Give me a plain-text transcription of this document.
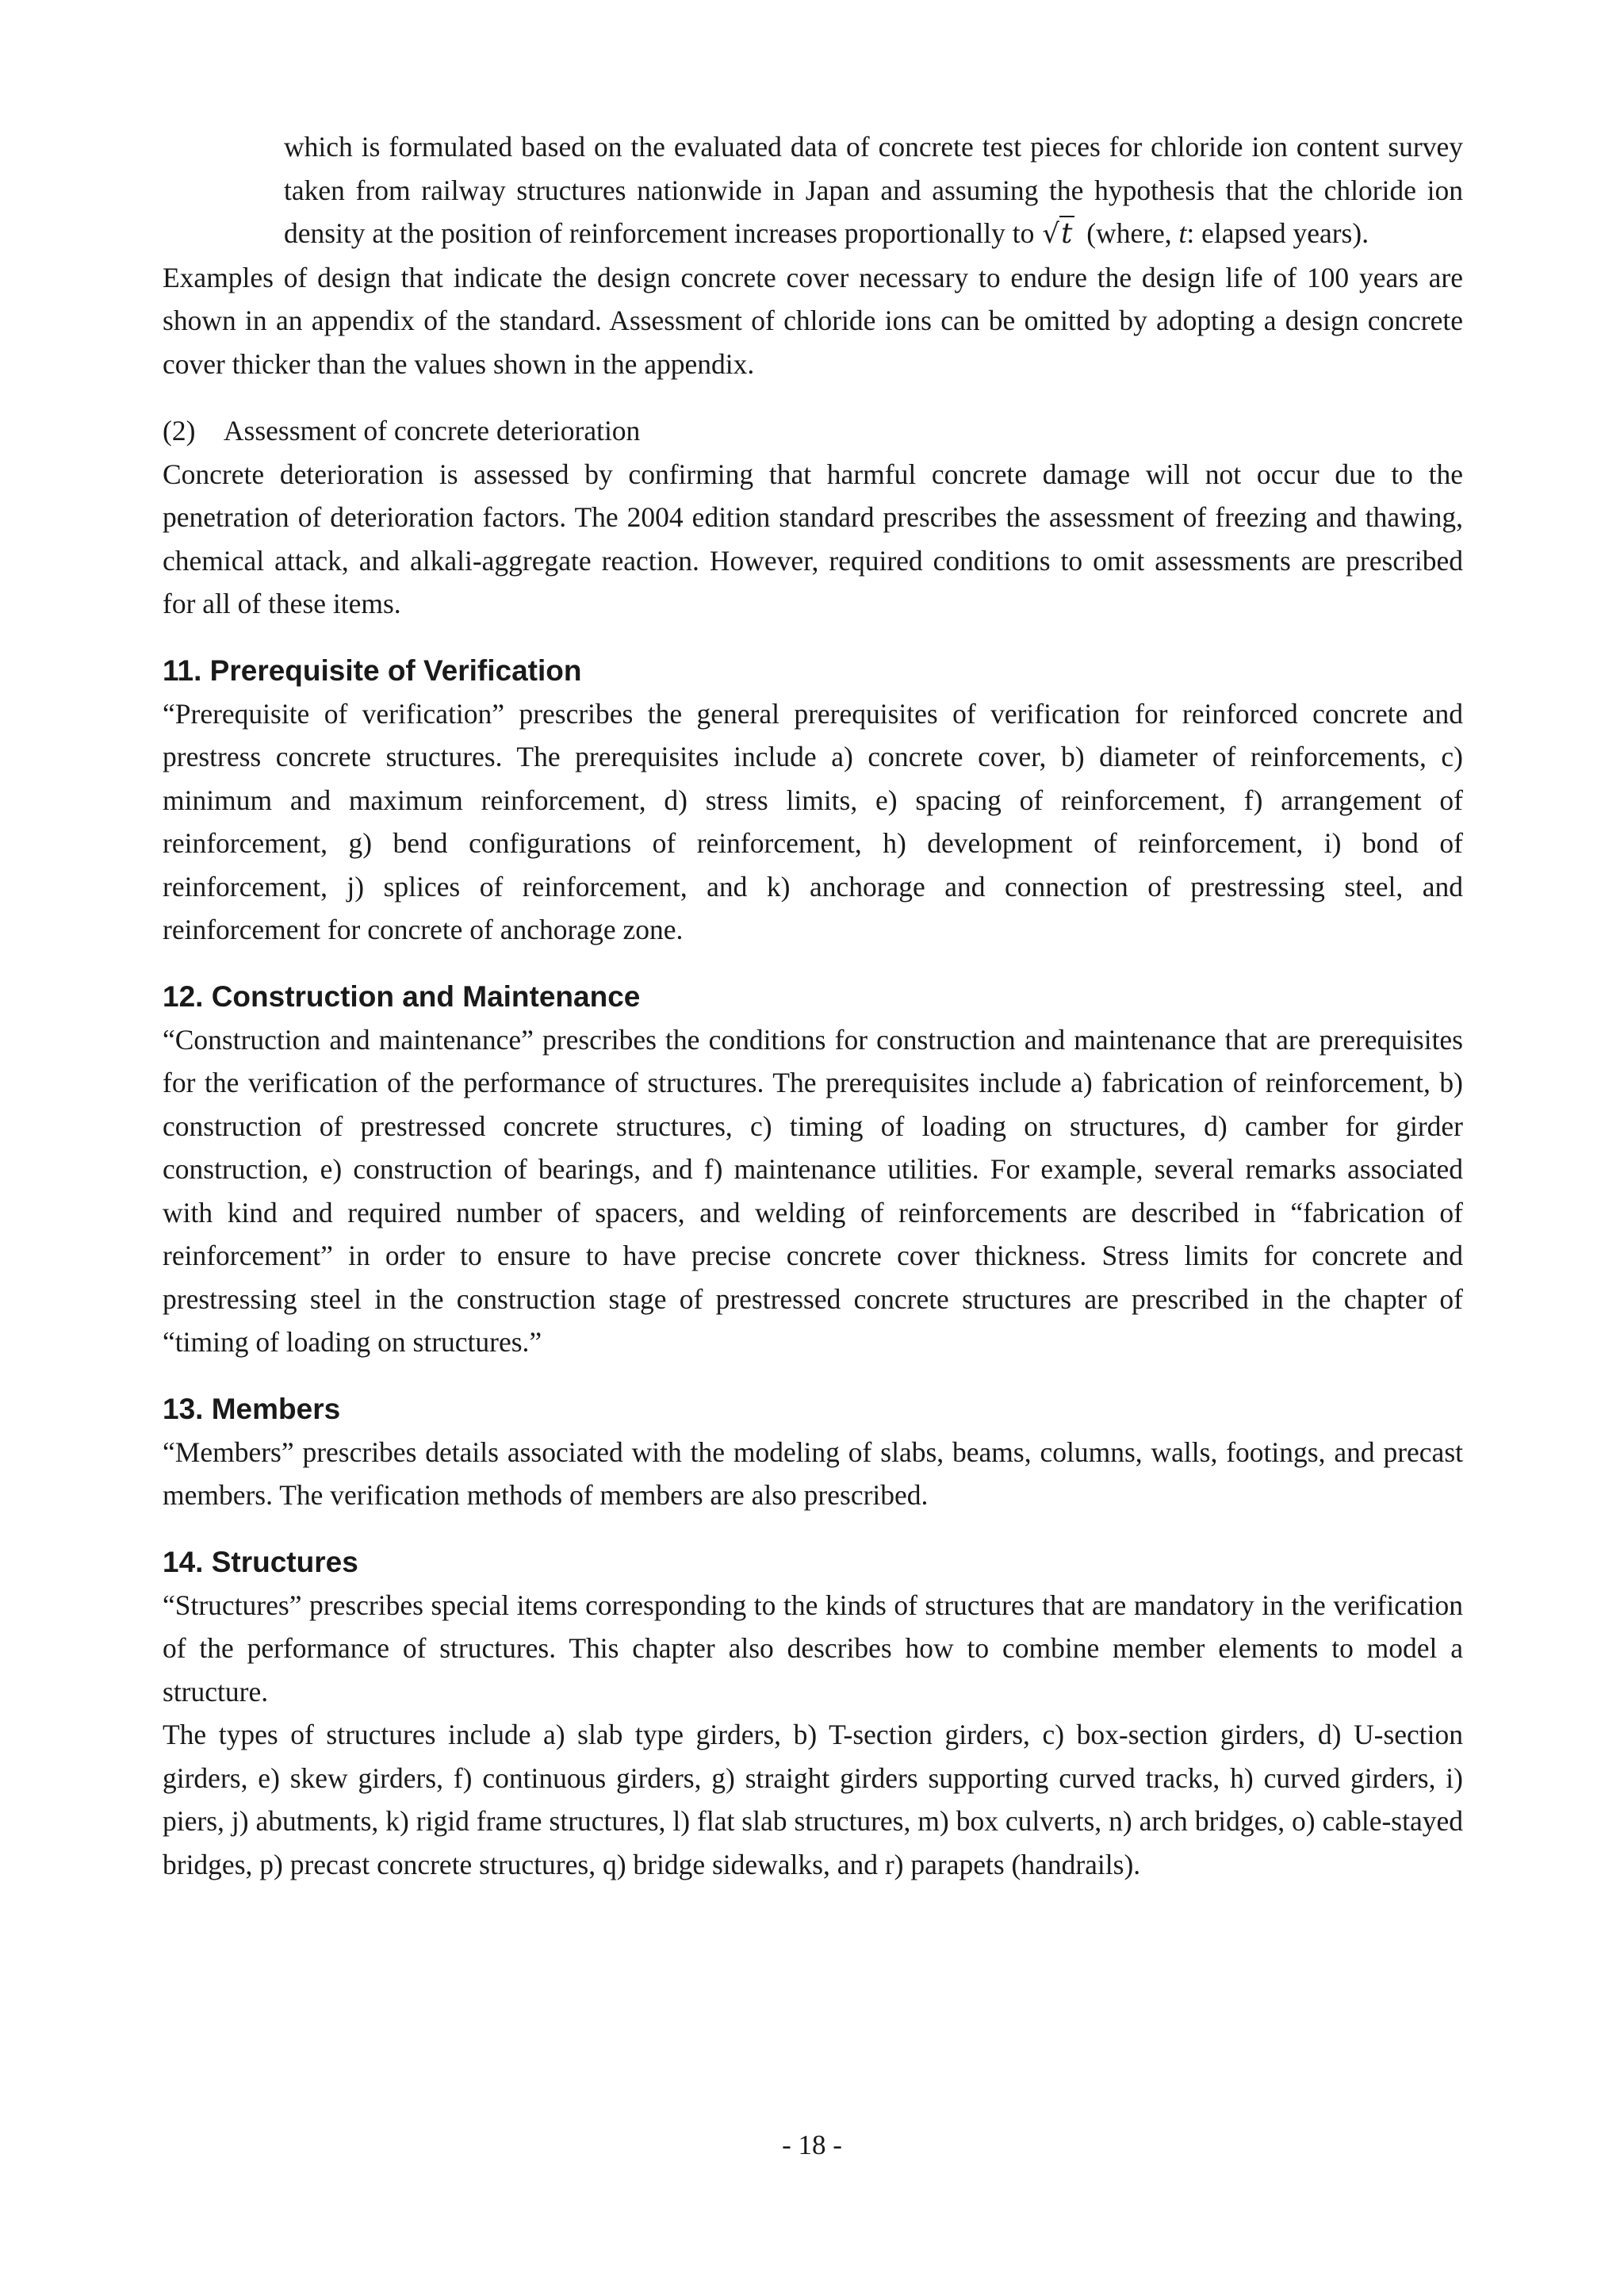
which is formulated based on the evaluated data of concrete test pieces for chloride ion content survey taken from railway structures nationwide in Japan and assuming the hypothesis that the chloride ion density at the position of reinforcement increases proportionally to √t (where, t: elapsed years).

Examples of design that indicate the design concrete cover necessary to endure the design life of 100 years are shown in an appendix of the standard. Assessment of chloride ions can be omitted by adopting a design concrete cover thicker than the values shown in the appendix.

(2) Assessment of concrete deterioration

Concrete deterioration is assessed by confirming that harmful concrete damage will not occur due to the penetration of deterioration factors. The 2004 edition standard prescribes the assessment of freezing and thawing, chemical attack, and alkali-aggregate reaction. However, required conditions to omit assessments are prescribed for all of these items.

11. Prerequisite of Verification

“Prerequisite of verification” prescribes the general prerequisites of verification for reinforced concrete and prestress concrete structures. The prerequisites include a) concrete cover, b) diameter of reinforcements, c) minimum and maximum reinforcement, d) stress limits, e) spacing of reinforcement, f) arrangement of reinforcement, g) bend configurations of reinforcement, h) development of reinforcement, i) bond of reinforcement, j) splices of reinforcement, and k) anchorage and connection of prestressing steel, and reinforcement for concrete of anchorage zone.

12. Construction and Maintenance

“Construction and maintenance” prescribes the conditions for construction and maintenance that are prerequisites for the verification of the performance of structures. The prerequisites include a) fabrication of reinforcement, b) construction of prestressed concrete structures, c) timing of loading on structures, d) camber for girder construction, e) construction of bearings, and f) maintenance utilities. For example, several remarks associated with kind and required number of spacers, and welding of reinforcements are described in “fabrication of reinforcement” in order to ensure to have precise concrete cover thickness. Stress limits for concrete and prestressing steel in the construction stage of prestressed concrete structures are prescribed in the chapter of “timing of loading on structures.”

13. Members

“Members” prescribes details associated with the modeling of slabs, beams, columns, walls, footings, and precast members. The verification methods of members are also prescribed.

14. Structures

“Structures” prescribes special items corresponding to the kinds of structures that are mandatory in the verification of the performance of structures. This chapter also describes how to combine member elements to model a structure.

The types of structures include a) slab type girders, b) T-section girders, c) box-section girders, d) U-section girders, e) skew girders, f) continuous girders, g) straight girders supporting curved tracks, h) curved girders, i) piers, j) abutments, k) rigid frame structures, l) flat slab structures, m) box culverts, n) arch bridges, o) cable-stayed bridges, p) precast concrete structures, q) bridge sidewalks, and r) parapets (handrails).

- 18 -
